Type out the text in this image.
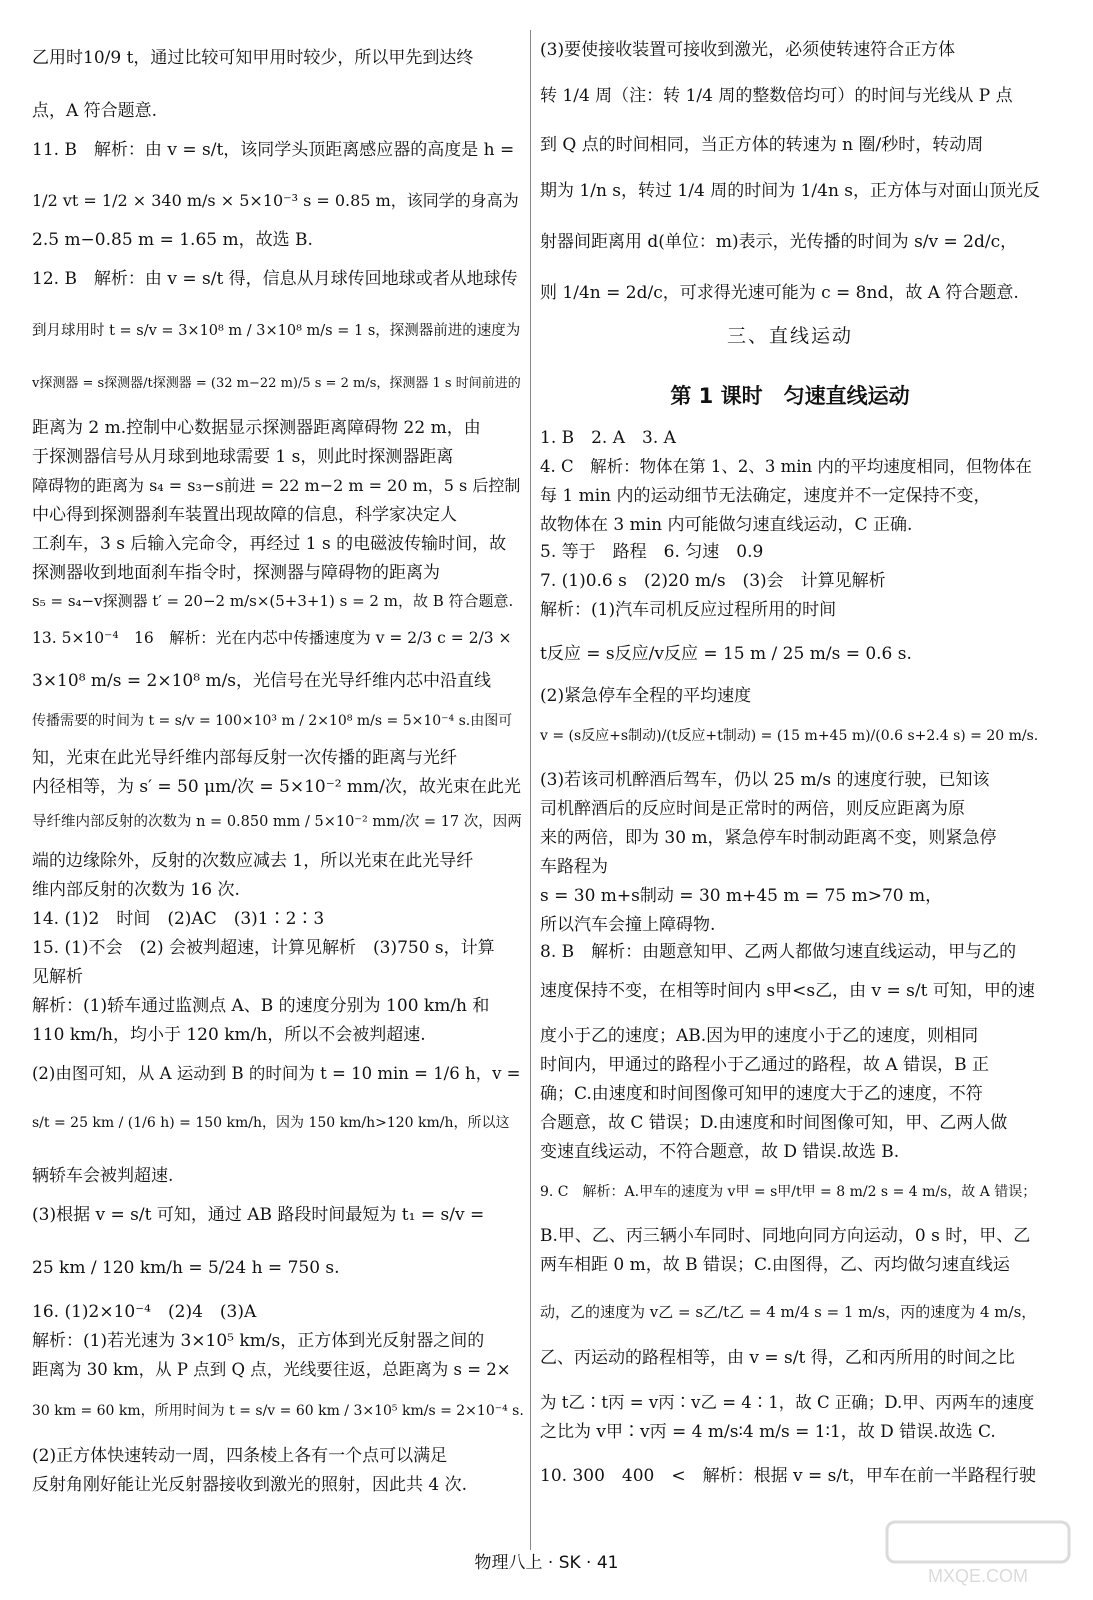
乙用时10/9 t，通过比较可知甲用时较少，所以甲先到达终
点，A 符合题意.
11. B　解析：由 v = s/t，该同学头顶距离感应器的高度是 h =
1/2 vt = 1/2 × 340 m/s × 5×10⁻³ s = 0.85 m，该同学的身高为
2.5 m−0.85 m = 1.65 m，故选 B.
12. B　解析：由 v = s/t 得，信息从月球传回地球或者从地球传
到月球用时 t = s/v = 3×10⁸ m / 3×10⁸ m/s = 1 s，探测器前进的速度为
v探测器 = s探测器/t探测器 = (32 m−22 m)/5 s = 2 m/s，探测器 1 s 时间前进的
距离为 2 m.控制中心数据显示探测器距离障碍物 22 m，由
于探测器信号从月球到地球需要 1 s，则此时探测器距离
障碍物的距离为 s₄ = s₃−s前进 = 22 m−2 m = 20 m，5 s 后控制
中心得到探测器刹车装置出现故障的信息，科学家决定人
工刹车，3 s 后输入完命令，再经过 1 s 的电磁波传输时间，故
探测器收到地面刹车指令时，探测器与障碍物的距离为
s₅ = s₄−v探测器 t′ = 20−2 m/s×(5+3+1) s = 2 m，故 B 符合题意.
13. 5×10⁻⁴　16　解析：光在内芯中传播速度为 v = 2/3 c = 2/3 ×
3×10⁸ m/s = 2×10⁸ m/s，光信号在光导纤维内芯中沿直线
传播需要的时间为 t = s/v = 100×10³ m / 2×10⁸ m/s = 5×10⁻⁴ s.由图可
知，光束在此光导纤维内部每反射一次传播的距离与光纤
内径相等，为 s′ = 50 μm/次 = 5×10⁻² mm/次，故光束在此光
导纤维内部反射的次数为 n = 0.850 mm / 5×10⁻² mm/次 = 17 次，因两
端的边缘除外，反射的次数应减去 1，所以光束在此光导纤
维内部反射的次数为 16 次.
14. (1)2　时间　(2)AC　(3)1∶2∶3
15. (1)不会　(2) 会被判超速，计算见解析　(3)750 s，计算
见解析
解析：(1)轿车通过监测点 A、B 的速度分别为 100 km/h 和
110 km/h，均小于 120 km/h，所以不会被判超速.
(2)由图可知，从 A 运动到 B 的时间为 t = 10 min = 1/6 h，v =
s/t = 25 km / (1/6 h) = 150 km/h，因为 150 km/h>120 km/h，所以这
辆轿车会被判超速.
(3)根据 v = s/t 可知，通过 AB 路段时间最短为 t₁ = s/v =
25 km / 120 km/h = 5/24 h = 750 s.
16. (1)2×10⁻⁴　(2)4　(3)A
解析：(1)若光速为 3×10⁵ km/s，正方体到光反射器之间的
距离为 30 km，从 P 点到 Q 点，光线要往返，总距离为 s = 2×
30 km = 60 km，所用时间为 t = s/v = 60 km / 3×10⁵ km/s = 2×10⁻⁴ s.
(2)正方体快速转动一周，四条棱上各有一个点可以满足
反射角刚好能让光反射器接收到激光的照射，因此共 4 次.
(3)要使接收装置可接收到激光，必须使转速符合正方体
转 1/4 周（注：转 1/4 周的整数倍均可）的时间与光线从 P 点
到 Q 点的时间相同，当正方体的转速为 n 圈/秒时，转动周
期为 1/n s，转过 1/4 周的时间为 1/4n s，正方体与对面山顶光反
射器间距离用 d(单位：m)表示，光传播的时间为 s/v = 2d/c，
则 1/4n = 2d/c，可求得光速可能为 c = 8nd，故 A 符合题意.
三、直线运动
第 1 课时　匀速直线运动
1. B　2. A　3. A
4. C　解析：物体在第 1、2、3 min 内的平均速度相同，但物体在
每 1 min 内的运动细节无法确定，速度并不一定保持不变，
故物体在 3 min 内可能做匀速直线运动，C 正确.
5. 等于　路程　6. 匀速　0.9
7. (1)0.6 s　(2)20 m/s　(3)会　计算见解析
解析：(1)汽车司机反应过程所用的时间
t反应 = s反应/v反应 = 15 m / 25 m/s = 0.6 s.
(2)紧急停车全程的平均速度
v = (s反应+s制动)/(t反应+t制动) = (15 m+45 m)/(0.6 s+2.4 s) = 20 m/s.
(3)若该司机醉酒后驾车，仍以 25 m/s 的速度行驶，已知该
司机醉酒后的反应时间是正常时的两倍，则反应距离为原
来的两倍，即为 30 m，紧急停车时制动距离不变，则紧急停
车路程为
s = 30 m+s制动 = 30 m+45 m = 75 m>70 m，
所以汽车会撞上障碍物.
8. B　解析：由题意知甲、乙两人都做匀速直线运动，甲与乙的
速度保持不变，在相等时间内 s甲<s乙，由 v = s/t 可知，甲的速
度小于乙的速度；AB.因为甲的速度小于乙的速度，则相同
时间内，甲通过的路程小于乙通过的路程，故 A 错误，B 正
确；C.由速度和时间图像可知甲的速度大于乙的速度，不符
合题意，故 C 错误；D.由速度和时间图像可知，甲、乙两人做
变速直线运动，不符合题意，故 D 错误.故选 B.
9. C　解析：A.甲车的速度为 v甲 = s甲/t甲 = 8 m/2 s = 4 m/s，故 A 错误；
B.甲、乙、丙三辆小车同时、同地向同方向运动，0 s 时，甲、乙
两车相距 0 m，故 B 错误；C.由图得，乙、丙均做匀速直线运
动，乙的速度为 v乙 = s乙/t乙 = 4 m/4 s = 1 m/s，丙的速度为 4 m/s，
乙、丙运动的路程相等，由 v = s/t 得，乙和丙所用的时间之比
为 t乙∶t丙 = v丙∶v乙 = 4∶1，故 C 正确；D.甲、丙两车的速度
之比为 v甲∶v丙 = 4 m/s∶4 m/s = 1∶1，故 D 错误.故选 C.
10. 300　400　<　解析：根据 v = s/t，甲车在前一半路程行驶
物理八上 · SK · 41
MXQE.COM
